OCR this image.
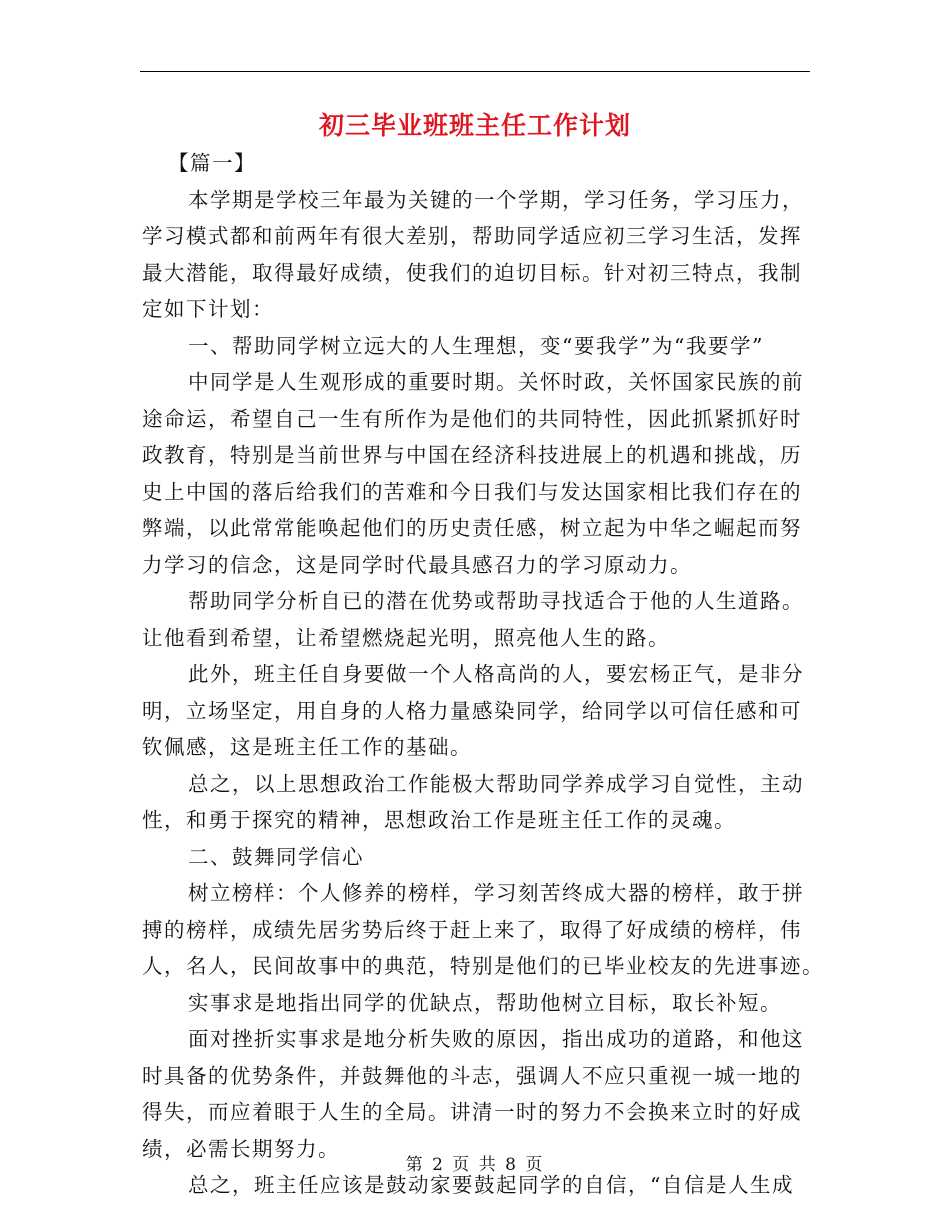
初三毕业班班主任工作计划
【篇一】
本学期是学校三年最为关键的一个学期，学习任务，学习压力，
学习模式都和前两年有很大差别，帮助同学适应初三学习生活，发挥
最大潜能，取得最好成绩，使我们的迫切目标。针对初三特点，我制
定如下计划：
一、帮助同学树立远大的人生理想，变“要我学”为“我要学”
中同学是人生观形成的重要时期。关怀时政，关怀国家民族的前
途命运，希望自己一生有所作为是他们的共同特性，因此抓紧抓好时
政教育，特别是当前世界与中国在经济科技进展上的机遇和挑战，历
史上中国的落后给我们的苦难和今日我们与发达国家相比我们存在的
弊端，以此常常能唤起他们的历史责任感，树立起为中华之崛起而努
力学习的信念，这是同学时代最具感召力的学习原动力。
帮助同学分析自已的潜在优势或帮助寻找适合于他的人生道路。
让他看到希望，让希望燃烧起光明，照亮他人生的路。
此外，班主任自身要做一个人格高尚的人，要宏杨正气，是非分
明，立场坚定，用自身的人格力量感染同学，给同学以可信任感和可
钦佩感，这是班主任工作的基础。
总之，以上思想政治工作能极大帮助同学养成学习自觉性，主动
性，和勇于探究的精神，思想政治工作是班主任工作的灵魂。
二、鼓舞同学信心
树立榜样：个人修养的榜样，学习刻苦终成大器的榜样，敢于拼
搏的榜样，成绩先居劣势后终于赶上来了，取得了好成绩的榜样，伟
人，名人，民间故事中的典范，特别是他们的已毕业校友的先进事迹。
实事求是地指出同学的优缺点，帮助他树立目标，取长补短。
面对挫折实事求是地分析失败的原因，指出成功的道路，和他这
时具备的优势条件，并鼓舞他的斗志，强调人不应只重视一城一地的
得失，而应着眼于人生的全局。讲清一时的努力不会换来立时的好成
绩，必需长期努力。
总之，班主任应该是鼓动家要鼓起同学的自信，“自信是人生成
第 2 页 共 8 页
